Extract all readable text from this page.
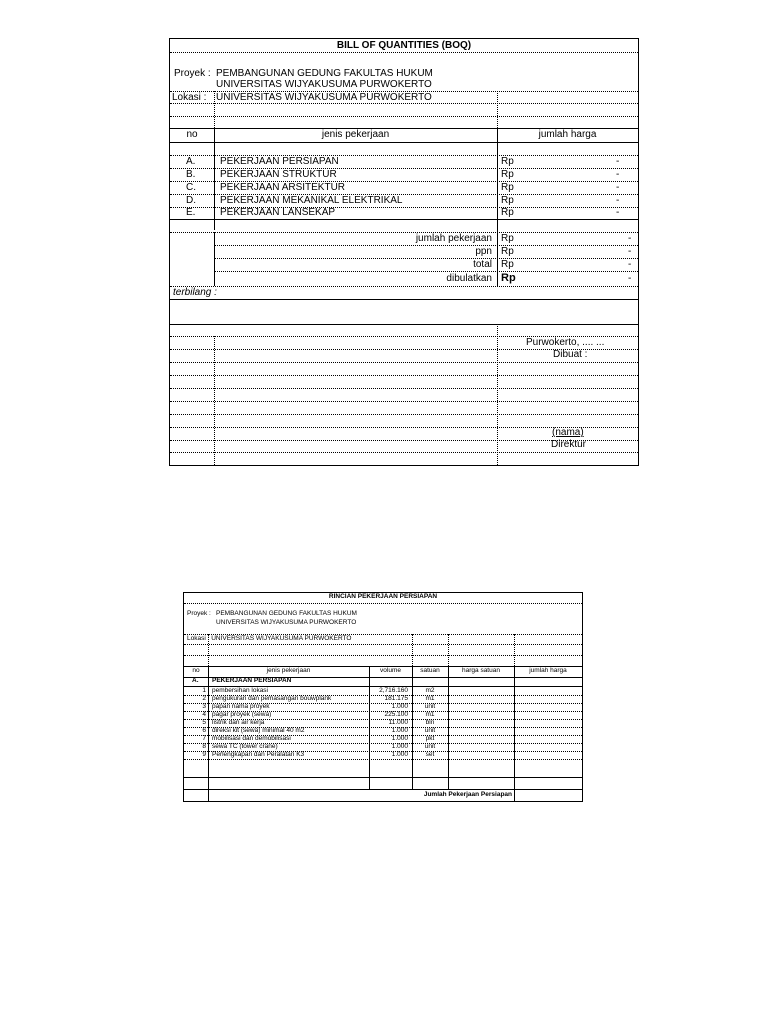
BILL OF QUANTITIES (BOQ)
Proyek : PEMBANGUNAN GEDUNG FAKULTAS HUKUM
UNIVERSITAS WIJYAKUSUMA PURWOKERTO
Lokasi : UNIVERSITAS WIJYAKUSUMA PURWOKERTO
no	jenis pekerjaan	jumlah harga
A. PEKERJAAN PERSIAPAN	Rp	-
B. PEKERJAAN STRUKTUR	Rp	-
C. PEKERJAAN ARSITEKTUR	Rp	-
D. PEKERJAAN MEKANIKAL ELEKTRIKAL	Rp	-
E. PEKERJAAN LANSEKAP	Rp	-
jumlah pekerjaan Rp	-
ppn Rp	-
total Rp	-
dibulatkan Rp	-
terbilang :
Purwokerto, .... ...
Dibuat :
(nama)
Direktur
RINCIAN PEKERJAAN PERSIAPAN
Proyek : PEMBANGUNAN GEDUNG FAKULTAS HUKUM
UNIVERSITAS WIJYAKUSUMA PURWOKERTO
Lokasi : UNIVERSITAS WIJYAKUSUMA PURWOKERTO
no	jenis pekerjaan	volume	satuan	harga satuan	jumlah harga
A. PEKERJAAN PERSIAPAN
1 pembersihan lokasi	2,716.160	m2
2 pengukuran dan pemasangan bouwplank	181.175	m1
3 papan nama proyek	1.000	unit
4 pagar proyek (sewa)	225.100	m1
5 listrik dan air kerja	11.000	bln
6 direksi kit (sewa) minimal 40 m2	1.000	unit
7 mobilisasi dan demobilisasi	1.000	pkt
8 sewa TC (tower crane)	1.000	unit
9 Perlengkapan dan Peralatan K3	1.000	set
Jumlah Pekerjaan Persiapan
